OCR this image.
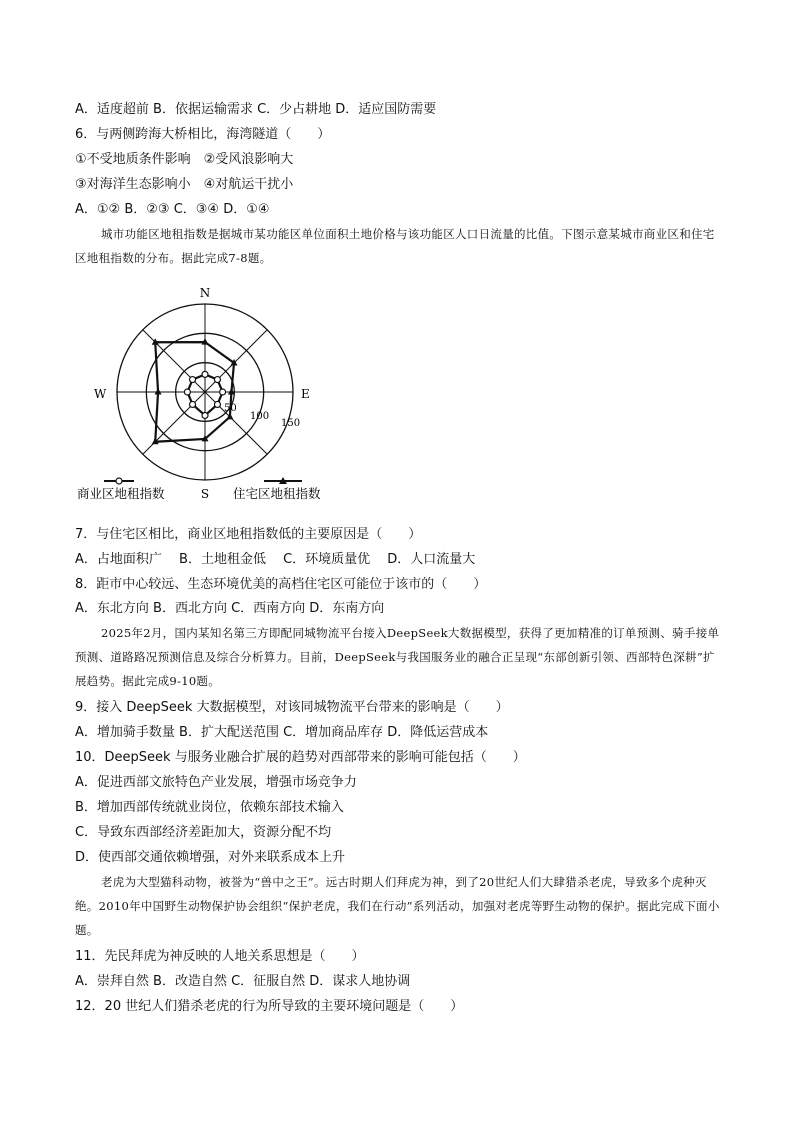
A．适度超前 B．依据运输需求 C．少占耕地 D．适应国防需要
6．与两侧跨海大桥相比，海湾隧道（　　）
①不受地质条件影响　②受风浪影响大
③对海洋生态影响小　④对航运干扰小
A．①② B．②③ C．③④ D．①④
城市功能区地租指数是据城市某功能区单位面积土地价格与该功能区人口日流量的比值。下图示意某城市商业区和住宅区地租指数的分布。据此完成7-8题。
N
S
E
W
50
100
150
商业区地租指数	住宅区地租指数
7．与住宅区相比，商业区地租指数低的主要原因是（　　）
A．占地面积广　 B．土地租金低　 C．环境质量优　 D．人口流量大
8．距市中心较远、生态环境优美的高档住宅区可能位于该市的（　　）
A．东北方向 B．西北方向 C．西南方向 D．东南方向
2025年2月，国内某知名第三方即配同城物流平台接入DeepSeek大数据模型，获得了更加精准的订单预测、骑手接单预测、道路路况预测信息及综合分析算力。目前，DeepSeek与我国服务业的融合正呈现“东部创新引领、西部特色深耕”扩展趋势。据此完成9-10题。
9．接入 DeepSeek 大数据模型，对该同城物流平台带来的影响是（　　）
A．增加骑手数量 B．扩大配送范围 C．增加商品库存 D．降低运营成本
10．DeepSeek 与服务业融合扩展的趋势对西部带来的影响可能包括（　　）
A．促进西部文旅特色产业发展，增强市场竞争力
B．增加西部传统就业岗位，依赖东部技术输入
C．导致东西部经济差距加大，资源分配不均
D．使西部交通依赖增强，对外来联系成本上升
老虎为大型猫科动物，被誉为“兽中之王”。远古时期人们拜虎为神，到了20世纪人们大肆猎杀老虎，导致多个虎种灭绝。2010年中国野生动物保护协会组织“保护老虎，我们在行动”系列活动，加强对老虎等野生动物的保护。据此完成下面小题。
11．先民拜虎为神反映的人地关系思想是（　　）
A．崇拜自然 B．改造自然 C．征服自然 D．谋求人地协调
12．20 世纪人们猎杀老虎的行为所导致的主要环境问题是（　　）
